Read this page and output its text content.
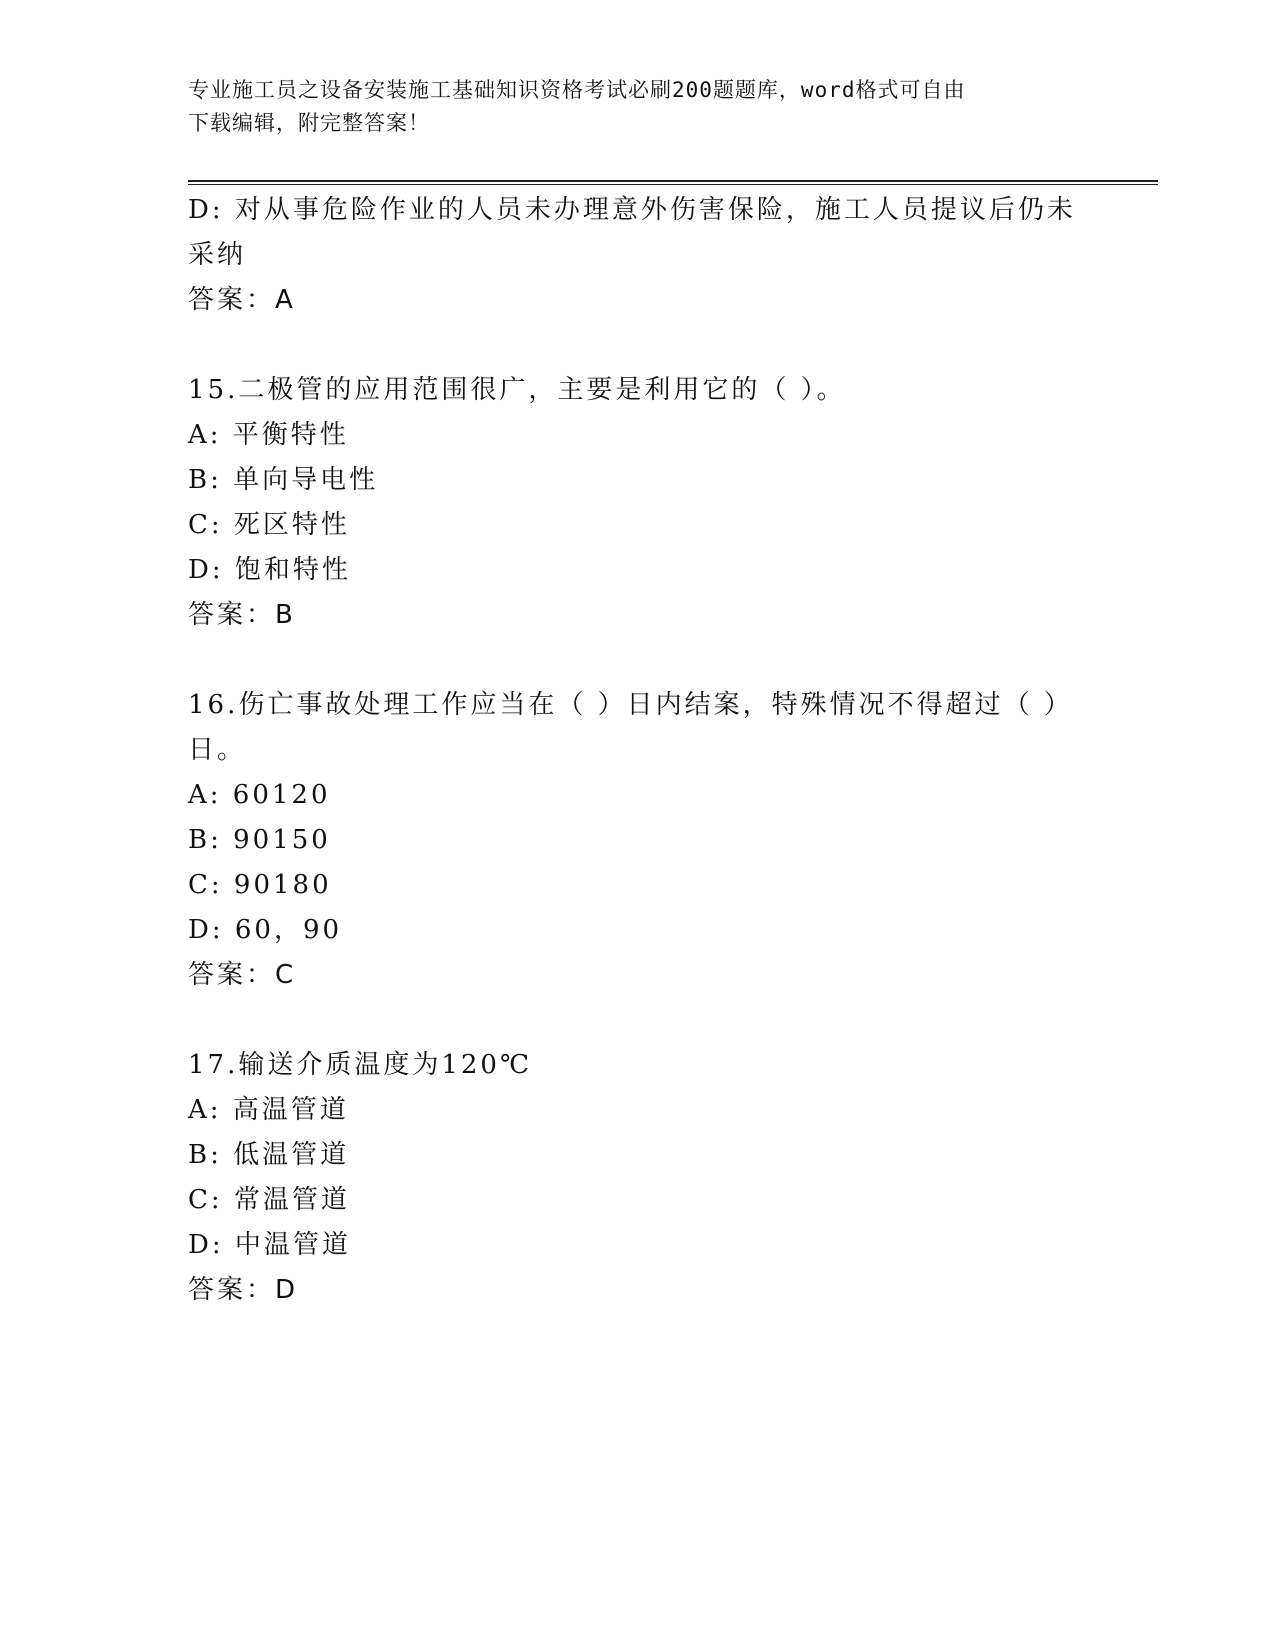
专业施工员之设备安装施工基础知识资格考试必刷200题题库，word格式可自由
下载编辑，附完整答案！
D: 对从事危险作业的人员未办理意外伤害保险，施工人员提议后仍未
采纳
答案：A
15.二极管的应用范围很广，主要是利用它的（ ）。
A: 平衡特性
B: 单向导电性
C: 死区特性
D: 饱和特性
答案：B
16.伤亡事故处理工作应当在（ ）日内结案，特殊情况不得超过（ ）
日。
A: 60120
B: 90150
C: 90180
D: 60，90
答案：C
17.输送介质温度为120℃
A: 高温管道
B: 低温管道
C: 常温管道
D: 中温管道
答案：D
